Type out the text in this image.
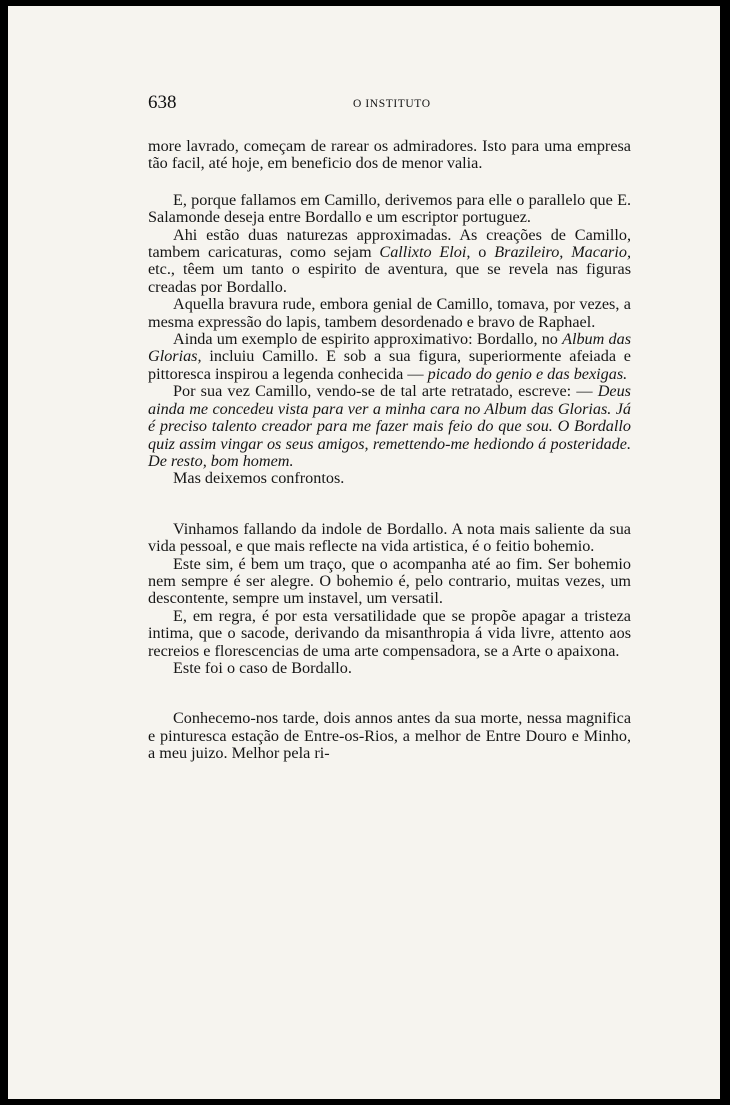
638	O INSTITUTO

more lavrado, começam de rarear os admiradores. Isto para uma empresa tão facil, até hoje, em beneficio dos de menor valia.

E, porque fallamos em Camillo, derivemos para elle o parallelo que E. Salamonde deseja entre Bordallo e um escriptor portuguez.

Ahi estão duas naturezas approximadas. As creações de Camillo, tambem caricaturas, como sejam Callixto Eloi, o Brazileiro, Macario, etc., têem um tanto o espirito de aventura, que se revela nas figuras creadas por Bordallo.

Aquella bravura rude, embora genial de Camillo, tomava, por vezes, a mesma expressão do lapis, tambem desordenado e bravo de Raphael.

Ainda um exemplo de espirito approximativo: Bordallo, no Album das Glorias, incluiu Camillo. E sob a sua figura, superiormente afeiada e pittoresca inspirou a legenda conhecida — picado do genio e das bexigas.

Por sua vez Camillo, vendo-se de tal arte retratado, escreve: — Deus ainda me concedeu vista para ver a minha cara no Album das Glorias. Já é preciso talento creador para me fazer mais feio do que sou. O Bordallo quiz assim vingar os seus amigos, remettendo-me hediondo á posteridade. De resto, bom homem.

Mas deixemos confrontos.

Vinhamos fallando da indole de Bordallo. A nota mais saliente da sua vida pessoal, e que mais reflecte na vida artistica, é o feitio bohemio.

Este sim, é bem um traço, que o acompanha até ao fim. Ser bohemio nem sempre é ser alegre. O bohemio é, pelo contrario, muitas vezes, um descontente, sempre um instavel, um versatil.

E, em regra, é por esta versatilidade que se propõe apagar a tristeza intima, que o sacode, derivando da misanthropia á vida livre, attento aos recreios e florescencias de uma arte compensadora, se a Arte o apaixona.

Este foi o caso de Bordallo.

Conhecemo-nos tarde, dois annos antes da sua morte, nessa magnifica e pinturesca estação de Entre-os-Rios, a melhor de Entre Douro e Minho, a meu juizo. Melhor pela ri-
